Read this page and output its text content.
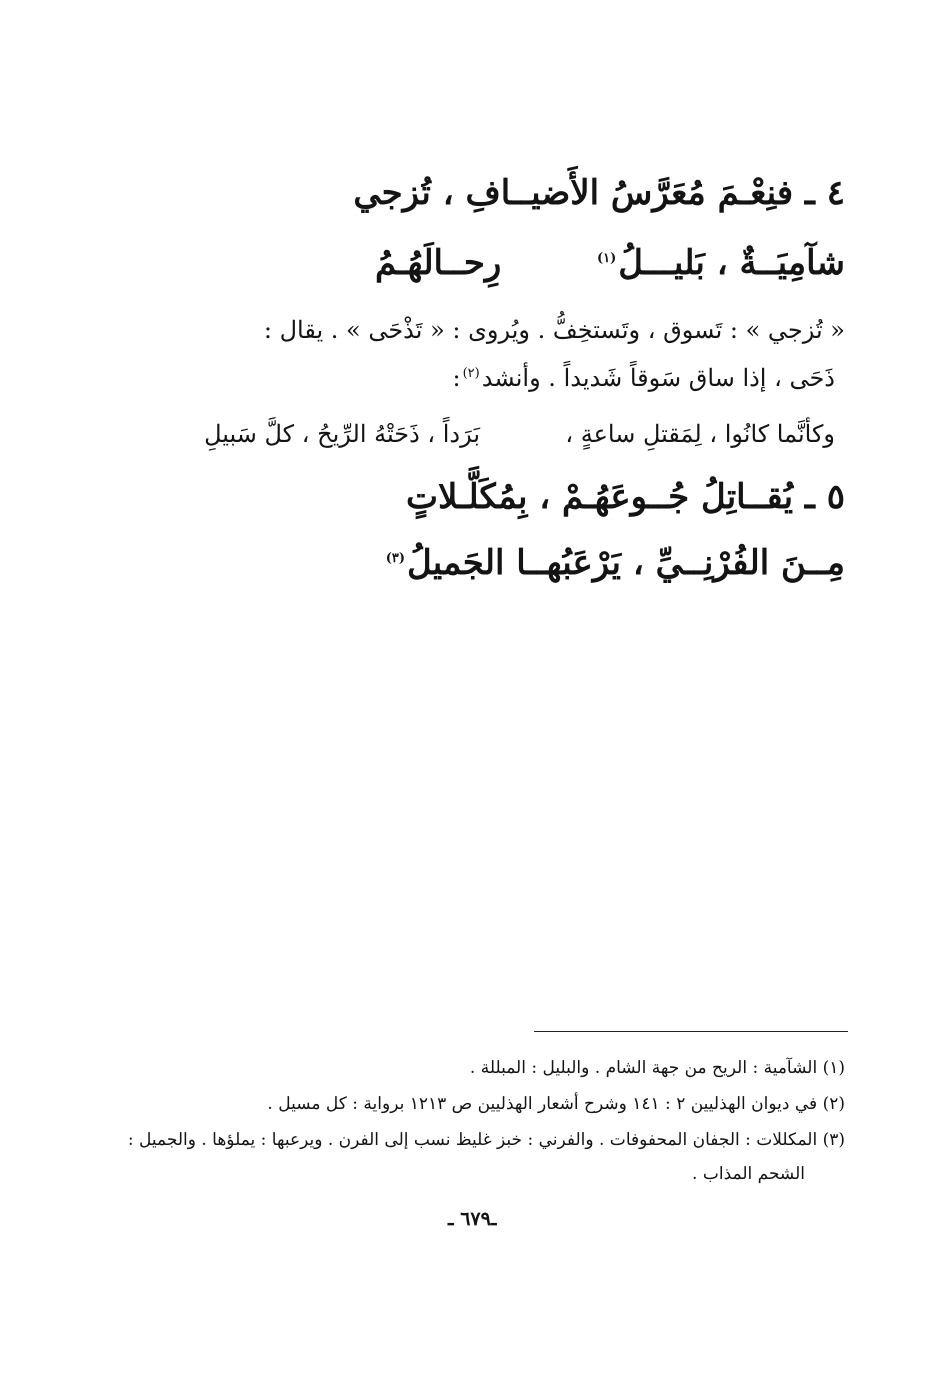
٤ ـ فنِعْـمَ مُعَرَّسُ الأَضيــافِ ، تُزجي
شآمِيَــةٌ ، بَليـــلُ$^{(١)}$  رِحــالَهُـمُ
« تُزجي » : تَسوق ، وتَستخِفُّ . ويُروى : « تَذْحَى » . يقال :
ذَحَى ، إذا ساق سَوقاً شَديداً . وأنشد$^{(٢)}$:
وكأنَّما كانُوا ، لِمَقتلِ ساعةٍ ،  بَرَداً ، ذَحَتْهُ الرِّيحُ ، كلَّ سَبيلِ
٥ ـ يُقــاتِلُ جُــوعَهُـمْ ، بِمُكَلَّـلاتٍ
مِــنَ الفُرْنِــيِّ ، يَرْعَبُهــا الجَميلُ$^{(٣)}$
(١) الشآمية : الريح من جهة الشام . والبليل : المبللة .
(٢) في ديوان الهذليين ٢ : ١٤١ وشرح أشعار الهذليين ص ١٢١٣ برواية : كل مسيل .
(٣) المكللات : الجفان المحفوفات . والفرني : خبز غليظ نسب إلى الفرن . ويرعبها : يملؤها . والجميل :
الشحم المذاب .
ـ٦٧٩ ـ
